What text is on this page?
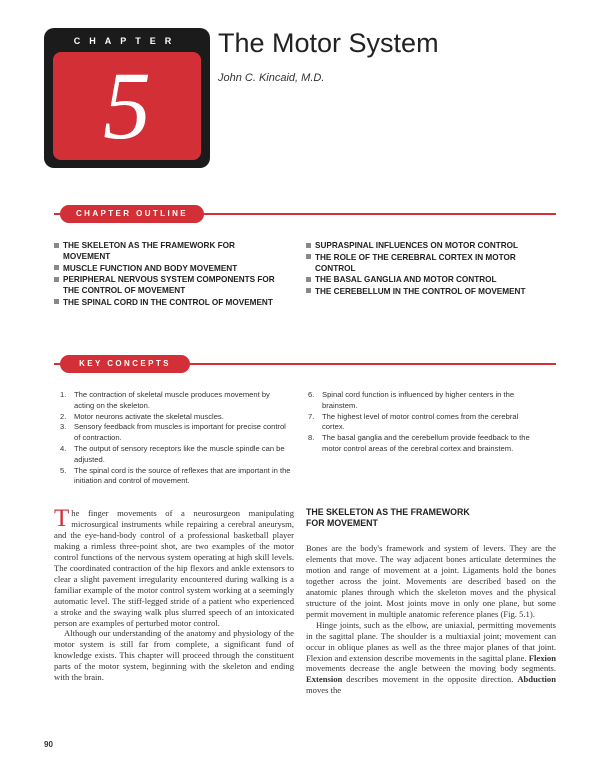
CHAPTER
5
The Motor System
John C. Kincaid, M.D.
CHAPTER OUTLINE
THE SKELETON AS THE FRAMEWORK FOR MOVEMENT
MUSCLE FUNCTION AND BODY MOVEMENT
PERIPHERAL NERVOUS SYSTEM COMPONENTS FOR THE CONTROL OF MOVEMENT
THE SPINAL CORD IN THE CONTROL OF MOVEMENT
SUPRASPINAL INFLUENCES ON MOTOR CONTROL
THE ROLE OF THE CEREBRAL CORTEX IN MOTOR CONTROL
THE BASAL GANGLIA AND MOTOR CONTROL
THE CEREBELLUM IN THE CONTROL OF MOVEMENT
KEY CONCEPTS
1. The contraction of skeletal muscle produces movement by acting on the skeleton.
2. Motor neurons activate the skeletal muscles.
3. Sensory feedback from muscles is important for precise control of contraction.
4. The output of sensory receptors like the muscle spindle can be adjusted.
5. The spinal cord is the source of reflexes that are important in the initiation and control of movement.
6. Spinal cord function is influenced by higher centers in the brainstem.
7. The highest level of motor control comes from the cerebral cortex.
8. The basal ganglia and the cerebellum provide feedback to the motor control areas of the cerebral cortex and brainstem.

The finger movements of a neurosurgeon manipulating microsurgical instruments while repairing a cerebral aneurysm, and the eye-hand-body control of a professional basketball player making a rimless three-point shot, are two examples of the motor control functions of the nervous system operating at high skill levels. The coordinated contraction of the hip flexors and ankle extensors to clear a slight pavement irregularity encountered during walking is a familiar example of the motor control system working at a seemingly automatic level. The stiff-legged stride of a patient who experienced a stroke and the swaying walk plus slurred speech of an intoxicated person are examples of perturbed motor control.

Although our understanding of the anatomy and physiology of the motor system is still far from complete, a significant fund of knowledge exists. This chapter will proceed through the constituent parts of the motor system, beginning with the skeleton and ending with the brain.

THE SKELETON AS THE FRAMEWORK
FOR MOVEMENT

Bones are the body's framework and system of levers. They are the elements that move. The way adjacent bones articulate determines the motion and range of movement at a joint. Ligaments hold the bones together across the joint. Movements are described based on the anatomic planes through which the skeleton moves and the physical structure of the joint. Most joints move in only one plane, but some permit movement in multiple anatomic reference planes (Fig. 5.1).

Hinge joints, such as the elbow, are uniaxial, permitting movements in the sagittal plane. The shoulder is a multiaxial joint; movement can occur in oblique planes as well as the three major planes of that joint. Flexion and extension describe movements in the sagittal plane. Flexion movements decrease the angle between the moving body segments. Extension describes movement in the opposite direction. Abduction moves the

90
